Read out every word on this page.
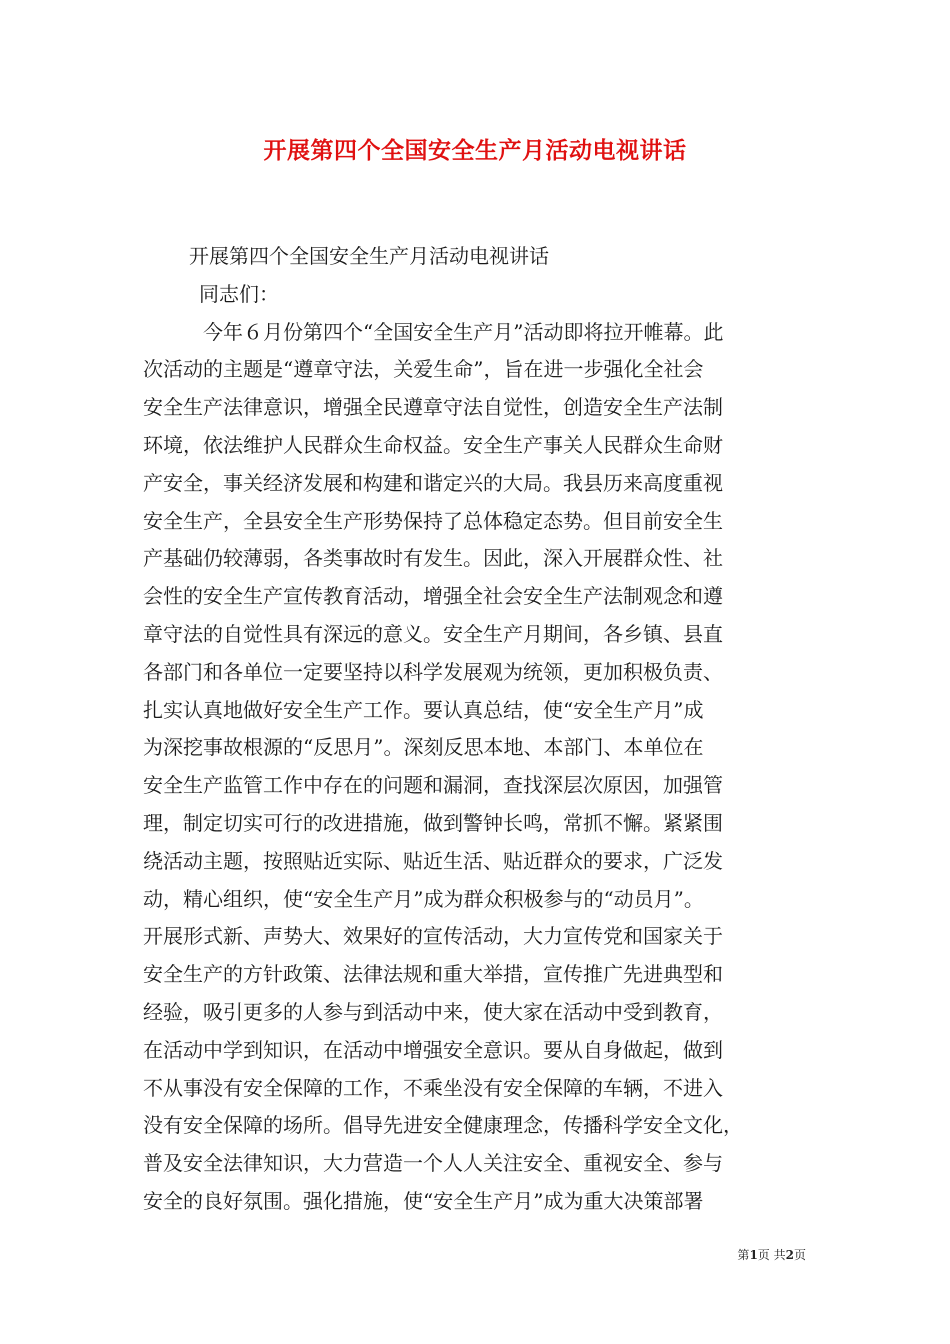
开展第四个全国安全生产月活动电视讲话
开展第四个全国安全生产月活动电视讲话
同志们：
今年６月份第四个“全国安全生产月”活动即将拉开帷幕。此
次活动的主题是“遵章守法，关爱生命”，旨在进一步强化全社会
安全生产法律意识，增强全民遵章守法自觉性，创造安全生产法制
环境，依法维护人民群众生命权益。安全生产事关人民群众生命财
产安全，事关经济发展和构建和谐定兴的大局。我县历来高度重视
安全生产，全县安全生产形势保持了总体稳定态势。但目前安全生
产基础仍较薄弱，各类事故时有发生。因此，深入开展群众性、社
会性的安全生产宣传教育活动，增强全社会安全生产法制观念和遵
章守法的自觉性具有深远的意义。安全生产月期间，各乡镇、县直
各部门和各单位一定要坚持以科学发展观为统领，更加积极负责、
扎实认真地做好安全生产工作。要认真总结，使“安全生产月”成
为深挖事故根源的“反思月”。深刻反思本地、本部门、本单位在
安全生产监管工作中存在的问题和漏洞，查找深层次原因，加强管
理，制定切实可行的改进措施，做到警钟长鸣，常抓不懈。紧紧围
绕活动主题，按照贴近实际、贴近生活、贴近群众的要求，广泛发
动，精心组织，使“安全生产月”成为群众积极参与的“动员月”。
开展形式新、声势大、效果好的宣传活动，大力宣传党和国家关于
安全生产的方针政策、法律法规和重大举措，宣传推广先进典型和
经验，吸引更多的人参与到活动中来，使大家在活动中受到教育，
在活动中学到知识，在活动中增强安全意识。要从自身做起，做到
不从事没有安全保障的工作，不乘坐没有安全保障的车辆，不进入
没有安全保障的场所。倡导先进安全健康理念，传播科学安全文化，
普及安全法律知识，大力营造一个人人关注安全、重视安全、参与
安全的良好氛围。强化措施，使“安全生产月”成为重大决策部署
第1页 共2页
